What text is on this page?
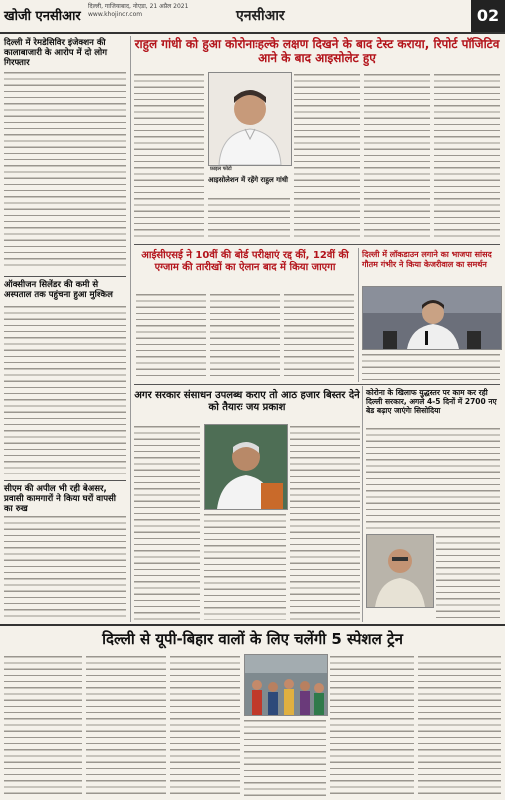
खोजी एनसीआर
दिल्ली, गाजियाबाद, नोएडा, 21 अप्रैल 2021
www.khojincr.com	एनसीआर	02
दिल्ली में रेमडेसिविर इंजेक्शन की कालाबाजारी के आरोप में दो लोग गिरफ्तार
ऑक्सीजन सिलेंडर की कमी से अस्पताल तक पहुंचना हुआ मुश्किल
सीएम की अपील भी रही बेअसर, प्रवासी कामगारों ने किया घरों वापसी का रुख
राहुल गांधी को हुआ कोरोनाःहल्के लक्षण दिखने के बाद टेस्ट कराया, रिपोर्ट पॉजिटिव आने के बाद आइसोलेट हुए
फ़ाइल फोटो
आइसोलेशन में रहेंगे राहुल गांधी
आईसीएसई ने 10वीं की बोर्ड परीक्षाएं रद्द कीं, 12वीं की एग्जाम की तारीखों का ऐलान बाद में किया जाएगा
दिल्ली में लॉकडाउन लगाने का भाजपा सांसद गौतम गंभीर ने किया केजरीवाल का समर्थन
अगर सरकार संसाधन उपलब्ध कराए तो आठ हजार बिस्तर देने को तैयारः जय प्रकाश
कोरोना के खिलाफ युद्धस्तर पर काम कर रही दिल्ली सरकार, अगले 4-5 दिनों में 2700 नए बेड बढ़ाए जाएंगेः सिसोदिया
दिल्ली से यूपी-बिहार वालों के लिए चलेंगी 5 स्पेशल ट्रेन
